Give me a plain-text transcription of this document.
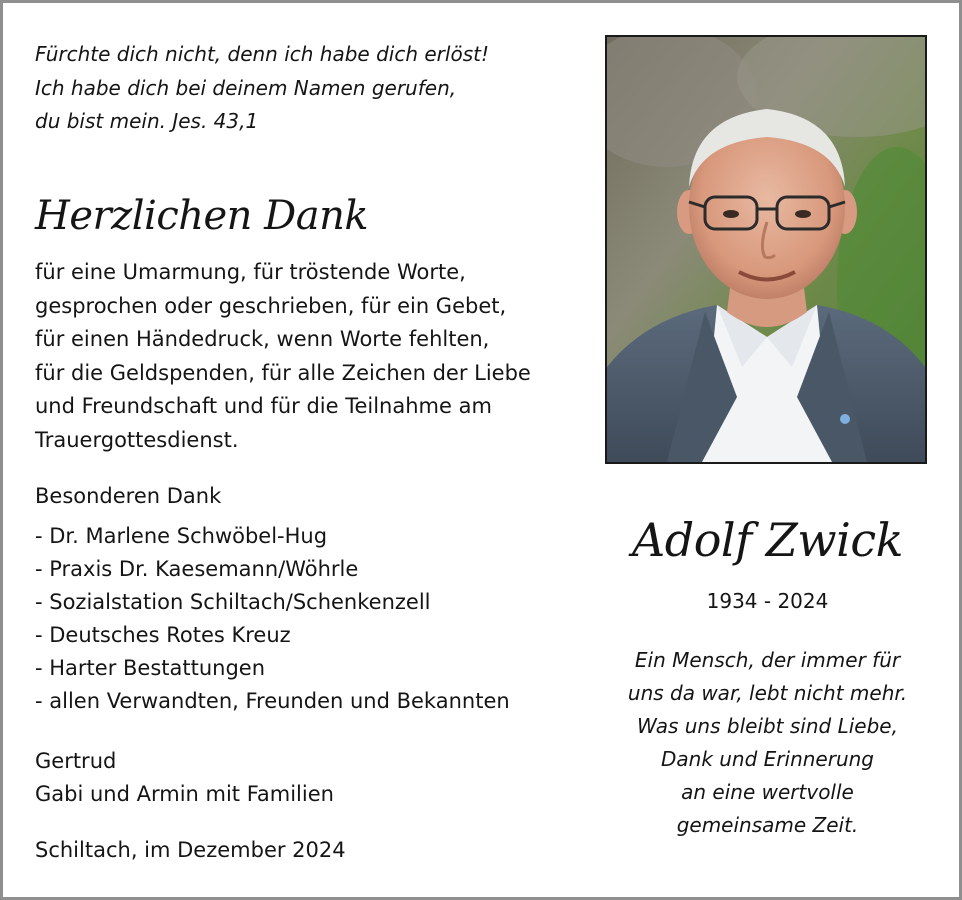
Fürchte dich nicht, denn ich habe dich erlöst!
Ich habe dich bei deinem Namen gerufen,
du bist mein. Jes. 43,1
Herzlichen Dank
für eine Umarmung, für tröstende Worte,
gesprochen oder geschrieben, für ein Gebet,
für einen Händedruck, wenn Worte fehlten,
für die Geldspenden, für alle Zeichen der Liebe
und Freundschaft und für die Teilnahme am
Trauergottesdienst.
Besonderen Dank
- Dr. Marlene Schwöbel-Hug
- Praxis Dr. Kaesemann/Wöhrle
- Sozialstation Schiltach/Schenkenzell
- Deutsches Rotes Kreuz
- Harter Bestattungen
- allen Verwandten, Freunden und Bekannten
Gertrud
Gabi und Armin mit Familien
Schiltach, im Dezember 2024
Adolf Zwick
1934 - 2024
Ein Mensch, der immer für
uns da war, lebt nicht mehr.
Was uns bleibt sind Liebe,
Dank und Erinnerung
an eine wertvolle
gemeinsame Zeit.
